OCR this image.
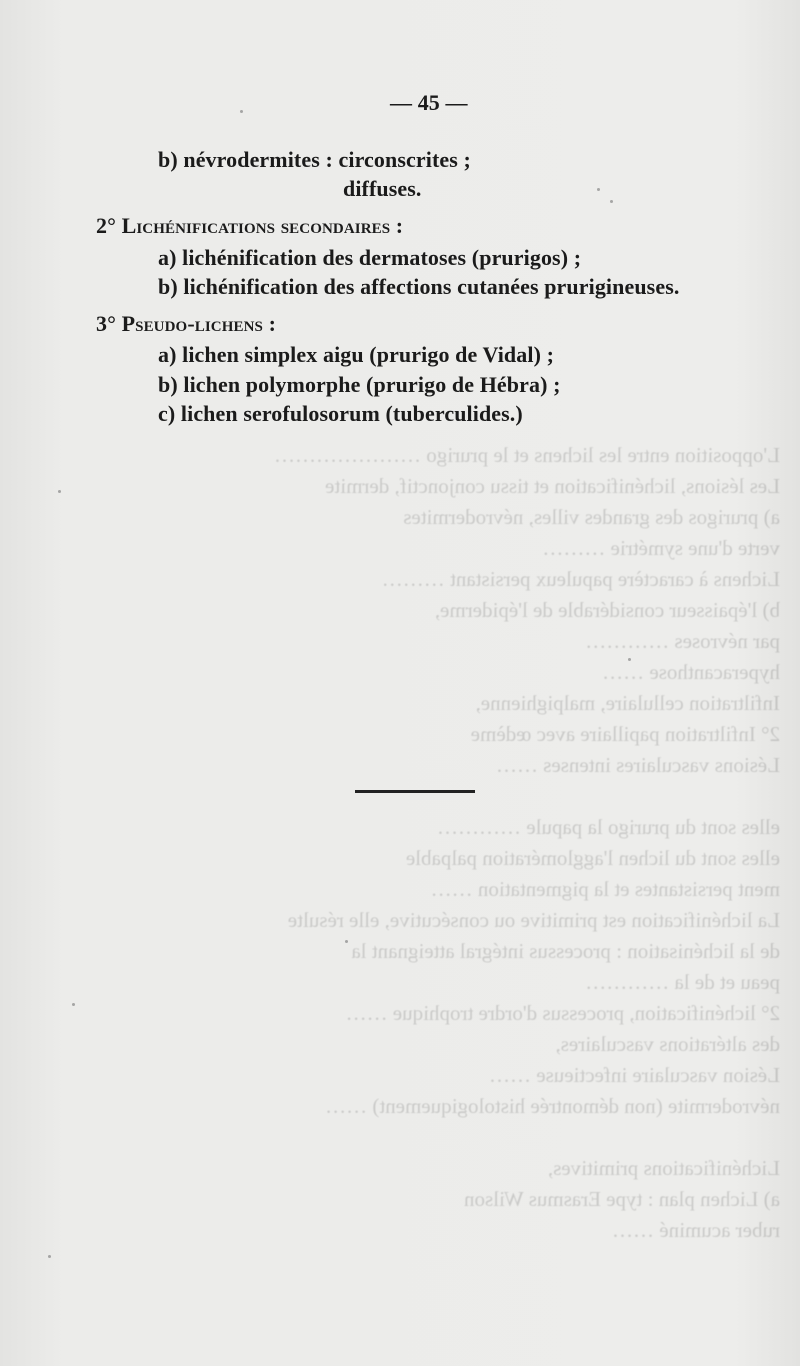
L'opposition entre les lichens et le prurigo …………………
Les lésions, lichénification et tissu conjonctif, dermite
a) prurigos des grandes villes, névrodermites
verte d'une symétrie ………
Lichens à caractère papuleux persistant ………
b) l'épaisseur considérable de l'épiderme,
par névroses …………
hyperacanthose ……
Infiltration cellulaire, malpighienne,
2° Infiltration papillaire avec œdème
Lésions vasculaires intenses ……

elles sont du prurigo la papule …………
elles sont du lichen l'agglomération palpable
ment persistantes et la pigmentation ……
La lichénification est primitive ou consécutive, elle résulte
de la lichénisation : processus intégral atteignant la
peau et de la …………
2° lichénification, processus d'ordre trophique ……
des altérations vasculaires,
Lésion vasculaire infectieuse ……
névrodermite (non démontrée histologiquement) ……

Lichénifications primitives,
a) Lichen plan : type Erasmus Wilson
ruber acuminé ……
— 45 —
b) névrodermites : circonscrites ;
diffuses.
2° Lichénifications secondaires :
a) lichénification des dermatoses (prurigos) ;
b) lichénification des affections cutanées prurigineuses.
3° Pseudo-lichens :
a) lichen simplex aigu (prurigo de Vidal) ;
b) lichen polymorphe (prurigo de Hébra) ;
c) lichen serofulosorum (tuberculides.)
